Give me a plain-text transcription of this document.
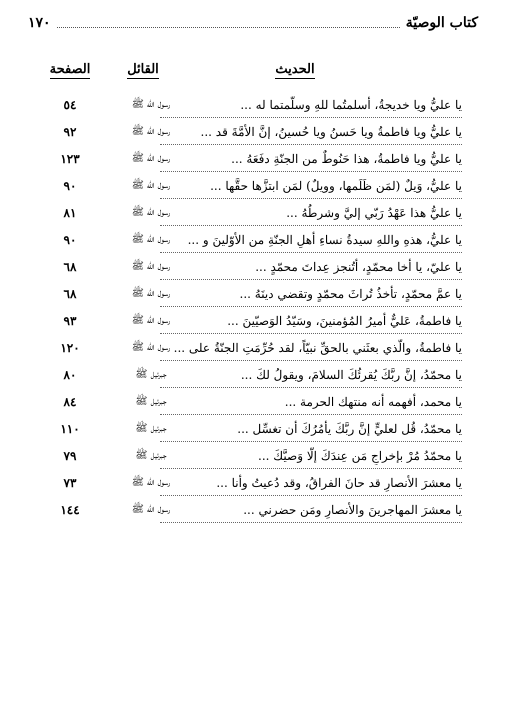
كتاب الوصيّة
١٧٠
الحديث
القائل
الصفحة
يا عليُّ ويا خديجةُ، أسلمتُما للهِ وسلَّمتما له ...
رسول الله ﷺ
٥٤
يا عليُّ ويا فاطمةُ ويا حَسنُ ويا حُسينُ، إنَّ الأمَّةَ قد ...
رسول الله ﷺ
٩٢
يا عليُّ ويا فاطمةُ، هذا حَنُوطٌ من الجنّةِ دفَعَهُ ...
رسول الله ﷺ
١٢٣
يا عليُّ، وَيلٌ (لمَن ظَلَمها، وويلٌ) لمَن ابتزَّها حقَّها ...
رسول الله ﷺ
٩٠
يا عليُّ هذا عَهْدُ رَبّي إليَّ وشرطُهُ ...
رسول الله ﷺ
٨١
يا عليُّ، هذهِ واللهِ سيدةُ نساءِ أهلِ الجنّةِ من الأوّلينَ و ...
رسول الله ﷺ
٩٠
يا عليّ، يا أخا محمّدٍ، أتُنجز عِداتَ محمّدٍ ...
رسول الله ﷺ
٦٨
يا عمَّ محمّدٍ، تأخذُ تُراثَ محمّدٍ وتقضي دينَهُ ...
رسول الله ﷺ
٦٨
يا فاطمةُ، عَليٌّ أميرُ المُؤمنينَ، وسَيّدُ الوَصيّينَ ...
رسول الله ﷺ
٩٣
يا فاطمةُ، والّذي بعثَني بالحقِّ نبيّاً، لقد حُرِّمَتِ الجنّةُ على ...
رسول الله ﷺ
١٢٠
يا محمّدُ، إنَّ ربَّكَ يُقرئُكَ السلامَ، ويقولُ لكَ ...
جبرئيل ﷺ
٨٠
يا محمد، أفهمه أنه منتهك الحرمة ...
جبرئيل ﷺ
٨٤
يا محمّدُ، قُل لعليٍّ إنَّ ربَّكَ يأمُرُكَ أن تغسِّل ...
جبرئيل ﷺ
١١٠
يا محمّدُ مُرْ بإخراجِ مَن عِندَكَ إلّا وَصيَّكَ ...
جبرئيل ﷺ
٧٩
يا معشرَ الأنصارِ قد حانَ الفراقُ، وقد دُعيتُ وأنا ...
رسول الله ﷺ
٧٣
يا معشرَ المهاجرينَ والأنصارِ ومَن حضرني ...
رسول الله ﷺ
١٤٤
